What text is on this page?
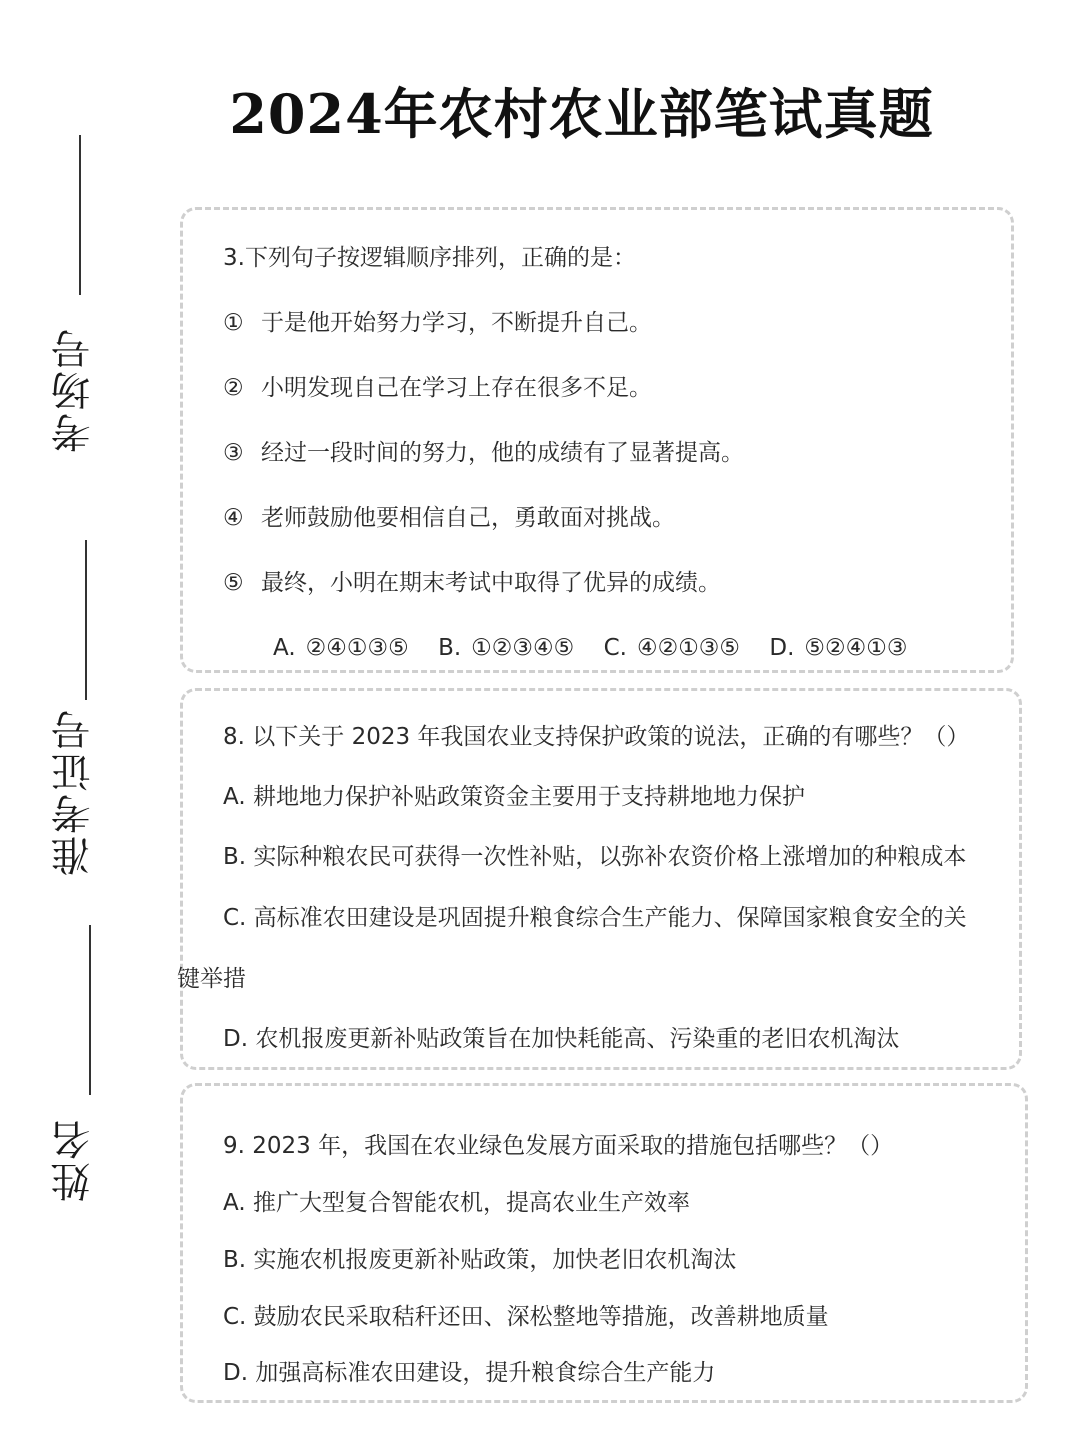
2024年农村农业部笔试真题
考场号
准考证号
姓名
3.下列句子按逻辑顺序排列，正确的是：
① 于是他开始努力学习，不断提升自己。
② 小明发现自己在学习上存在很多不足。
③ 经过一段时间的努力，他的成绩有了显著提高。
④ 老师鼓励他要相信自己，勇敢面对挑战。
⑤ 最终，小明在期末考试中取得了优异的成绩。
A. ②④①③⑤ B. ①②③④⑤ C. ④②①③⑤ D. ⑤②④①③
8. 以下关于 2023 年我国农业支持保护政策的说法，正确的有哪些？（）
A. 耕地地力保护补贴政策资金主要用于支持耕地地力保护
B. 实际种粮农民可获得一次性补贴，以弥补农资价格上涨增加的种粮成本
C. 高标准农田建设是巩固提升粮食综合生产能力、保障国家粮食安全的关
键举措
D. 农机报废更新补贴政策旨在加快耗能高、污染重的老旧农机淘汰
9. 2023 年，我国在农业绿色发展方面采取的措施包括哪些？（）
A. 推广大型复合智能农机，提高农业生产效率
B. 实施农机报废更新补贴政策，加快老旧农机淘汰
C. 鼓励农民采取秸秆还田、深松整地等措施，改善耕地质量
D. 加强高标准农田建设，提升粮食综合生产能力
